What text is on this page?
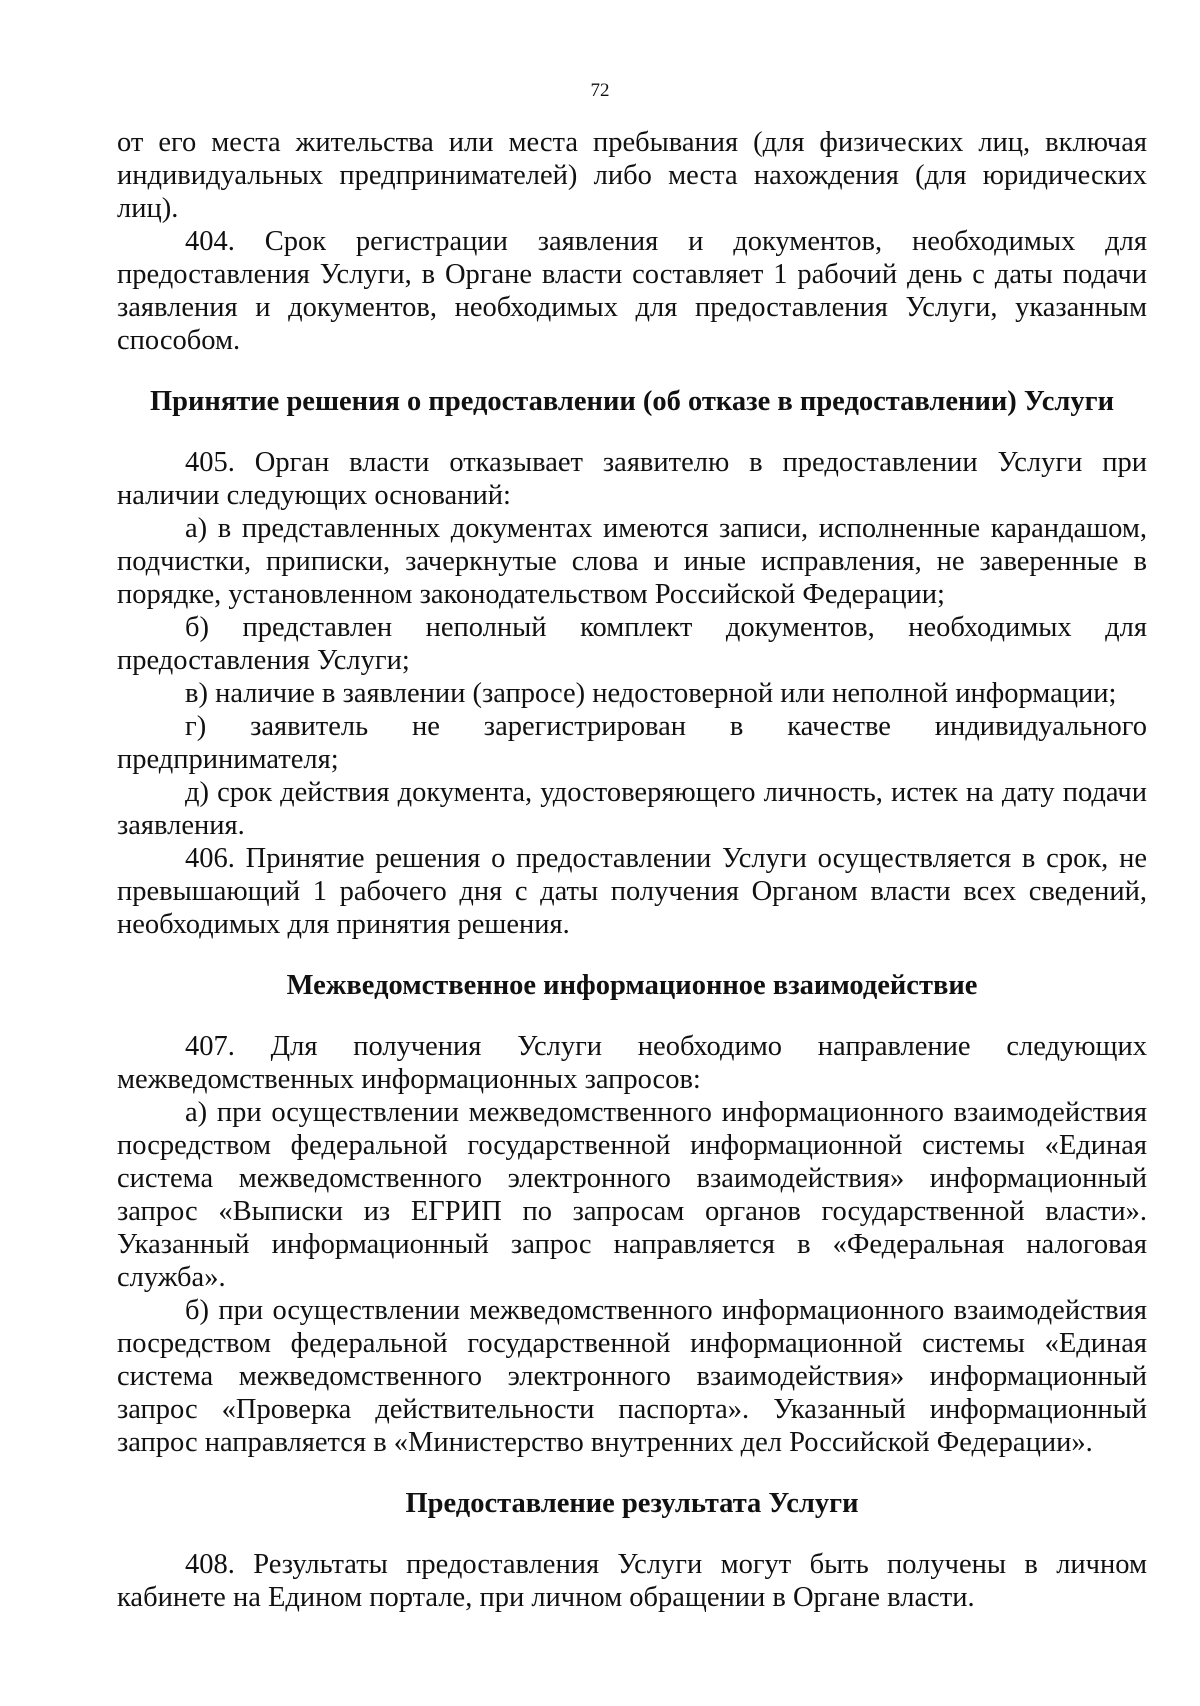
72

от его места жительства или места пребывания (для физических лиц, включая индивидуальных предпринимателей) либо места нахождения (для юридических лиц).

404. Срок регистрации заявления и документов, необходимых для предоставления Услуги, в Органе власти составляет 1 рабочий день с даты подачи заявления и документов, необходимых для предоставления Услуги, указанным способом.

Принятие решения о предоставлении (об отказе в предоставлении) Услуги

405. Орган власти отказывает заявителю в предоставлении Услуги при наличии следующих оснований:

а) в представленных документах имеются записи, исполненные карандашом, подчистки, приписки, зачеркнутые слова и иные исправления, не заверенные в порядке, установленном законодательством Российской Федерации;

б) представлен неполный комплект документов, необходимых для предоставления Услуги;

в) наличие в заявлении (запросе) недостоверной или неполной информации;

г) заявитель не зарегистрирован в качестве индивидуального предпринимателя;

д) срок действия документа, удостоверяющего личность, истек на дату подачи заявления.

406. Принятие решения о предоставлении Услуги осуществляется в срок, не превышающий 1 рабочего дня с даты получения Органом власти всех сведений, необходимых для принятия решения.

Межведомственное информационное взаимодействие

407. Для получения Услуги необходимо направление следующих межведомственных информационных запросов:

а) при осуществлении межведомственного информационного взаимодействия посредством федеральной государственной информационной системы «Единая система межведомственного электронного взаимодействия» информационный запрос «Выписки из ЕГРИП по запросам органов государственной власти». Указанный информационный запрос направляется в «Федеральная налоговая служба».

б) при осуществлении межведомственного информационного взаимодействия посредством федеральной государственной информационной системы «Единая система межведомственного электронного взаимодействия» информационный запрос «Проверка действительности паспорта». Указанный информационный запрос направляется в «Министерство внутренних дел Российской Федерации».

Предоставление результата Услуги

408. Результаты предоставления Услуги могут быть получены в личном кабинете на Едином портале, при личном обращении в Органе власти.
